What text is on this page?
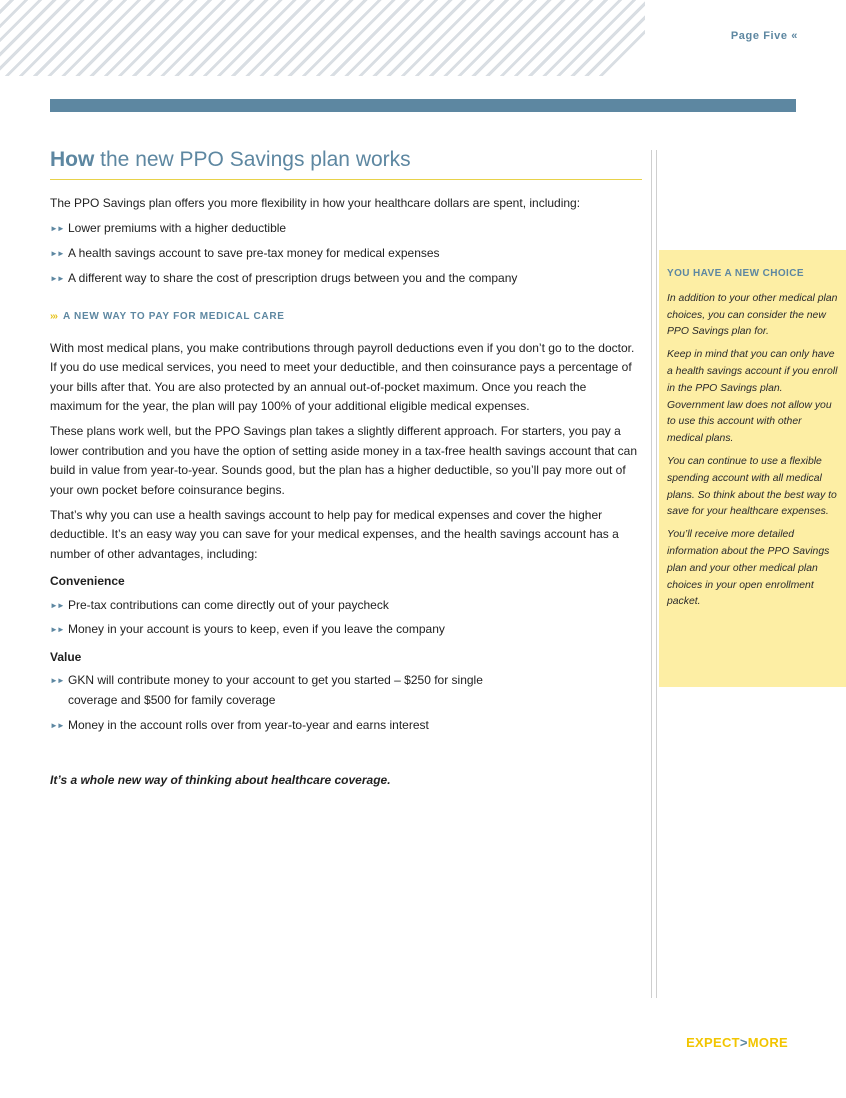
Page Five «
How the new PPO Savings plan works

The PPO Savings plan offers you more flexibility in how your healthcare dollars are spent, including:

►► Lower premiums with a higher deductible
►► A health savings account to save pre-tax money for medical expenses
►► A different way to share the cost of prescription drugs between you and the company
››› A NEW WAY TO PAY FOR MEDICAL CARE

With most medical plans, you make contributions through payroll deductions even if you don’t go to the doctor. If you do use medical services, you need to meet your deductible, and then coinsurance pays a percentage of your bills after that. You are also protected by an annual out-of-pocket maximum. Once you reach the maximum for the year, the plan will pay 100% of your additional eligible medical expenses.

These plans work well, but the PPO Savings plan takes a slightly different approach. For starters, you pay a lower contribution and you have the option of setting aside money in a tax-free health savings account that can build in value from year-to-year. Sounds good, but the plan has a higher deductible, so you’ll pay more out of your own pocket before coinsurance begins.

That’s why you can use a health savings account to help pay for medical expenses and cover the higher deductible. It’s an easy way you can save for your medical expenses, and the health savings account has a number of other advantages, including:

Convenience
►► Pre-tax contributions can come directly out of your paycheck
►► Money in your account is yours to keep, even if you leave the company
Value
►► GKN will contribute money to your account to get you started – $250 for single coverage and $500 for family coverage
►► Money in the account rolls over from year-to-year and earns interest
It’s a whole new way of thinking about healthcare coverage.
YOU HAVE A NEW CHOICE

In addition to your other medical plan choices, you can consider the new PPO Savings plan for.

Keep in mind that you can only have a health savings account if you enroll in the PPO Savings plan. Government law does not allow you to use this account with other medical plans.

You can continue to use a flexible spending account with all medical plans. So think about the best way to save for your healthcare expenses.

You’ll receive more detailed information about the PPO Savings plan and your other medical plan choices in your open enrollment packet.

EXPECT>MORE
